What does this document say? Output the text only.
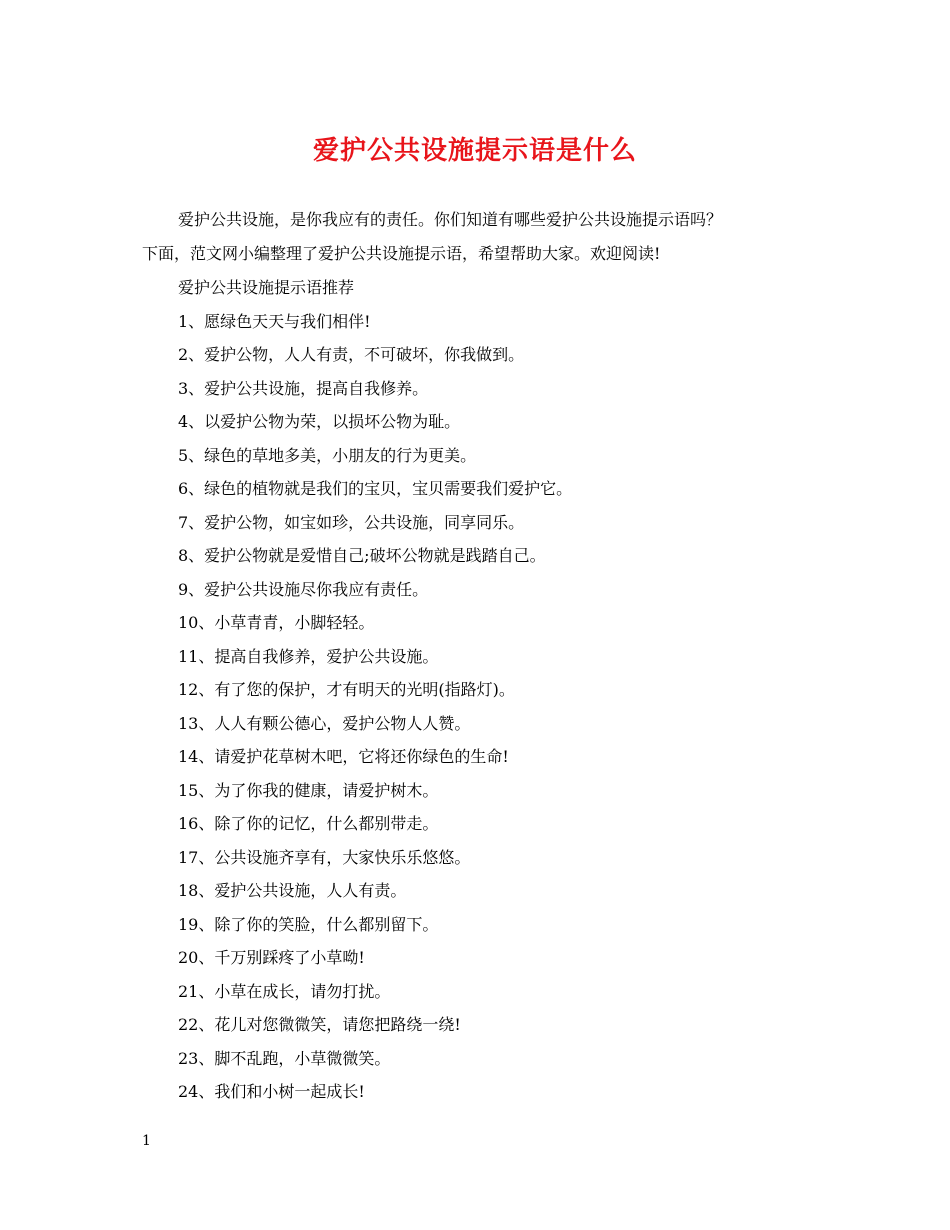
爱护公共设施提示语是什么

爱护公共设施，是你我应有的责任。你们知道有哪些爱护公共设施提示语吗？
下面，范文网小编整理了爱护公共设施提示语，希望帮助大家。欢迎阅读!

爱护公共设施提示语推荐

1、愿绿色天天与我们相伴!

2、爱护公物，人人有责，不可破坏，你我做到。

3、爱护公共设施，提高自我修养。

4、以爱护公物为荣，以损坏公物为耻。

5、绿色的草地多美，小朋友的行为更美。

6、绿色的植物就是我们的宝贝，宝贝需要我们爱护它。

7、爱护公物，如宝如珍，公共设施，同享同乐。

8、爱护公物就是爱惜自己;破坏公物就是践踏自己。

9、爱护公共设施尽你我应有责任。

10、小草青青，小脚轻轻。

11、提高自我修养，爱护公共设施。

12、有了您的保护，才有明天的光明(指路灯)。

13、人人有颗公德心，爱护公物人人赞。

14、请爱护花草树木吧，它将还你绿色的生命!

15、为了你我的健康，请爱护树木。

16、除了你的记忆，什么都别带走。

17、公共设施齐享有，大家快乐乐悠悠。

18、爱护公共设施，人人有责。

19、除了你的笑脸，什么都别留下。

20、千万别踩疼了小草呦!

21、小草在成长，请勿打扰。

22、花儿对您微微笑，请您把路绕一绕!

23、脚不乱跑，小草微微笑。

24、我们和小树一起成长!

1
